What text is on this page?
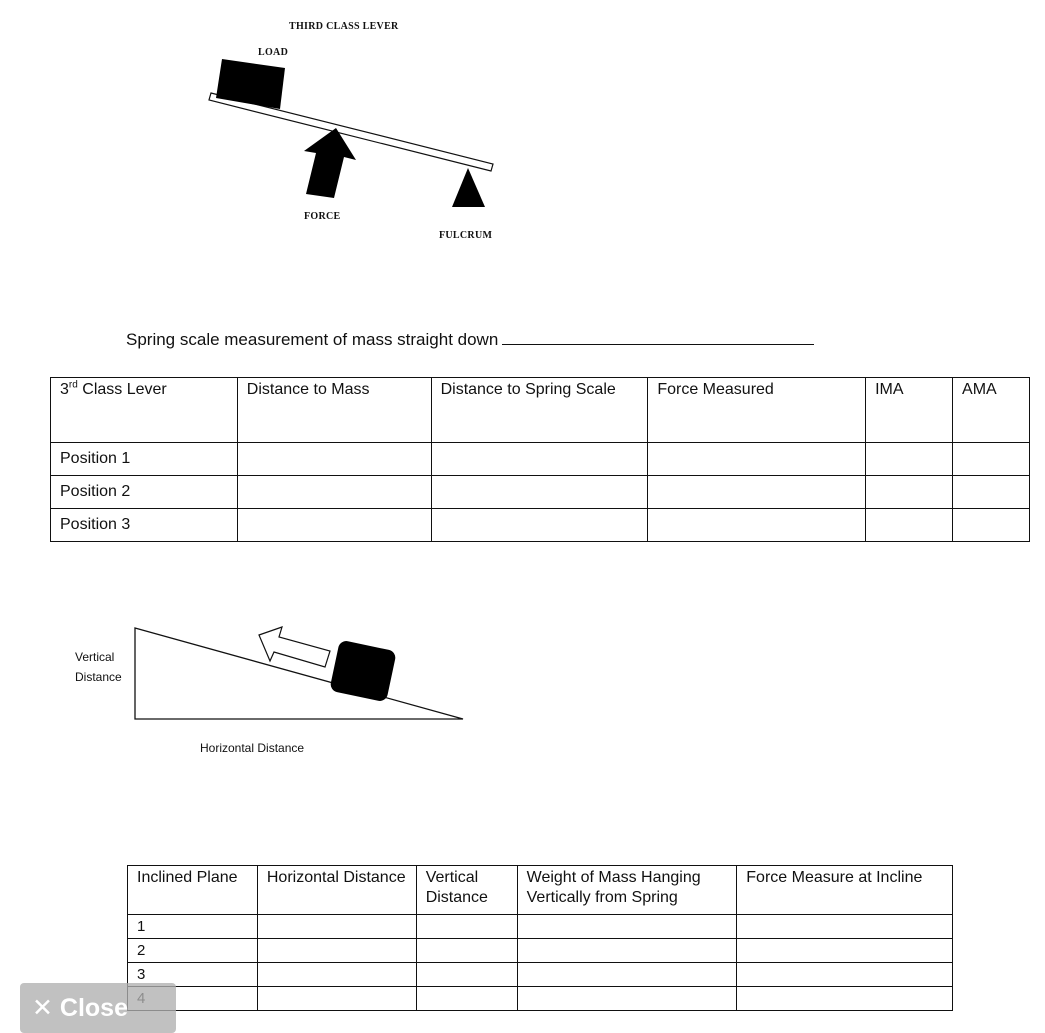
THIRD CLASS LEVER
LOAD
FORCE
FULCRUM
Spring scale measurement of mass straight down
3rd Class Lever	Distance to Mass	Distance to Spring Scale	Force Measured	IMA	AMA
Position 1					
Position 2					
Position 3					
Vertical
Distance
Horizontal Distance
Inclined Plane	Horizontal Distance	Vertical Distance	Weight of Mass Hanging Vertically from Spring	Force Measure at Incline
1				
2				
3				

✕ Close
